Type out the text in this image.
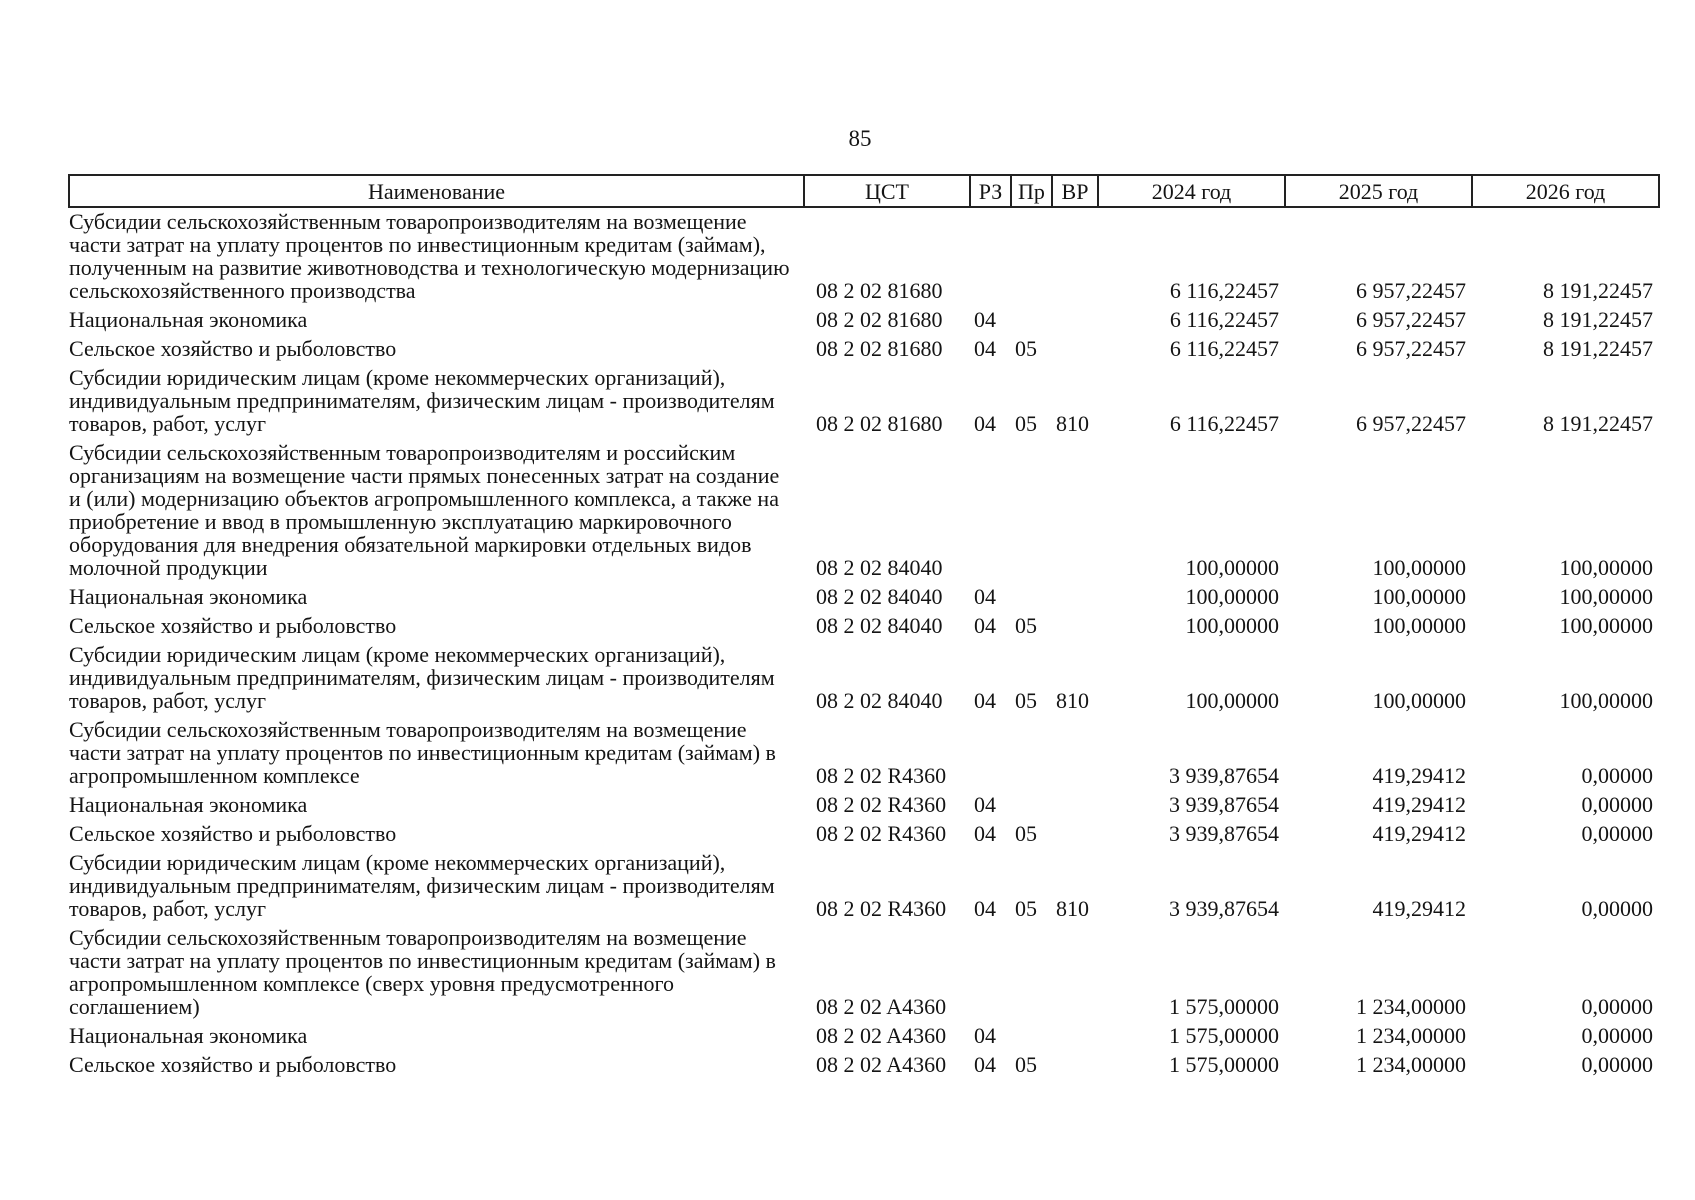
85
Наименование	ЦСТ	РЗ	Пр	ВР	2024 год	2025 год	2026 год
Субсидии сельскохозяйственным товаропроизводителям на возмещение части затрат на уплату процентов по инвестиционным кредитам (займам), полученным на развитие животноводства и технологическую модернизацию сельскохозяйственного производства	08 2 02 81680				6 116,22457	6 957,22457	8 191,22457
Национальная экономика	08 2 02 81680	04			6 116,22457	6 957,22457	8 191,22457
Сельское хозяйство и рыболовство	08 2 02 81680	04	05		6 116,22457	6 957,22457	8 191,22457
Субсидии юридическим лицам (кроме некоммерческих организаций), индивидуальным предпринимателям, физическим лицам - производителям товаров, работ, услуг	08 2 02 81680	04	05	810	6 116,22457	6 957,22457	8 191,22457
Субсидии сельскохозяйственным товаропроизводителям и российским организациям на возмещение части прямых понесенных затрат на создание и (или) модернизацию объектов агропромышленного комплекса, а также на приобретение и ввод в промышленную эксплуатацию маркировочного оборудования для внедрения обязательной маркировки отдельных видов молочной продукции	08 2 02 84040				100,00000	100,00000	100,00000
Национальная экономика	08 2 02 84040	04			100,00000	100,00000	100,00000
Сельское хозяйство и рыболовство	08 2 02 84040	04	05		100,00000	100,00000	100,00000
Субсидии юридическим лицам (кроме некоммерческих организаций), индивидуальным предпринимателям, физическим лицам - производителям товаров, работ, услуг	08 2 02 84040	04	05	810	100,00000	100,00000	100,00000
Субсидии сельскохозяйственным товаропроизводителям на возмещение части затрат на уплату процентов по инвестиционным кредитам (займам) в агропромышленном комплексе	08 2 02 R4360				3 939,87654	419,29412	0,00000
Национальная экономика	08 2 02 R4360	04			3 939,87654	419,29412	0,00000
Сельское хозяйство и рыболовство	08 2 02 R4360	04	05		3 939,87654	419,29412	0,00000
Субсидии юридическим лицам (кроме некоммерческих организаций), индивидуальным предпринимателям, физическим лицам - производителям товаров, работ, услуг	08 2 02 R4360	04	05	810	3 939,87654	419,29412	0,00000
Субсидии сельскохозяйственным товаропроизводителям на возмещение части затрат на уплату процентов по инвестиционным кредитам (займам) в агропромышленном комплексе (сверх уровня предусмотренного соглашением)	08 2 02 A4360				1 575,00000	1 234,00000	0,00000
Национальная экономика	08 2 02 A4360	04			1 575,00000	1 234,00000	0,00000
Сельское хозяйство и рыболовство	08 2 02 A4360	04	05		1 575,00000	1 234,00000	0,00000
